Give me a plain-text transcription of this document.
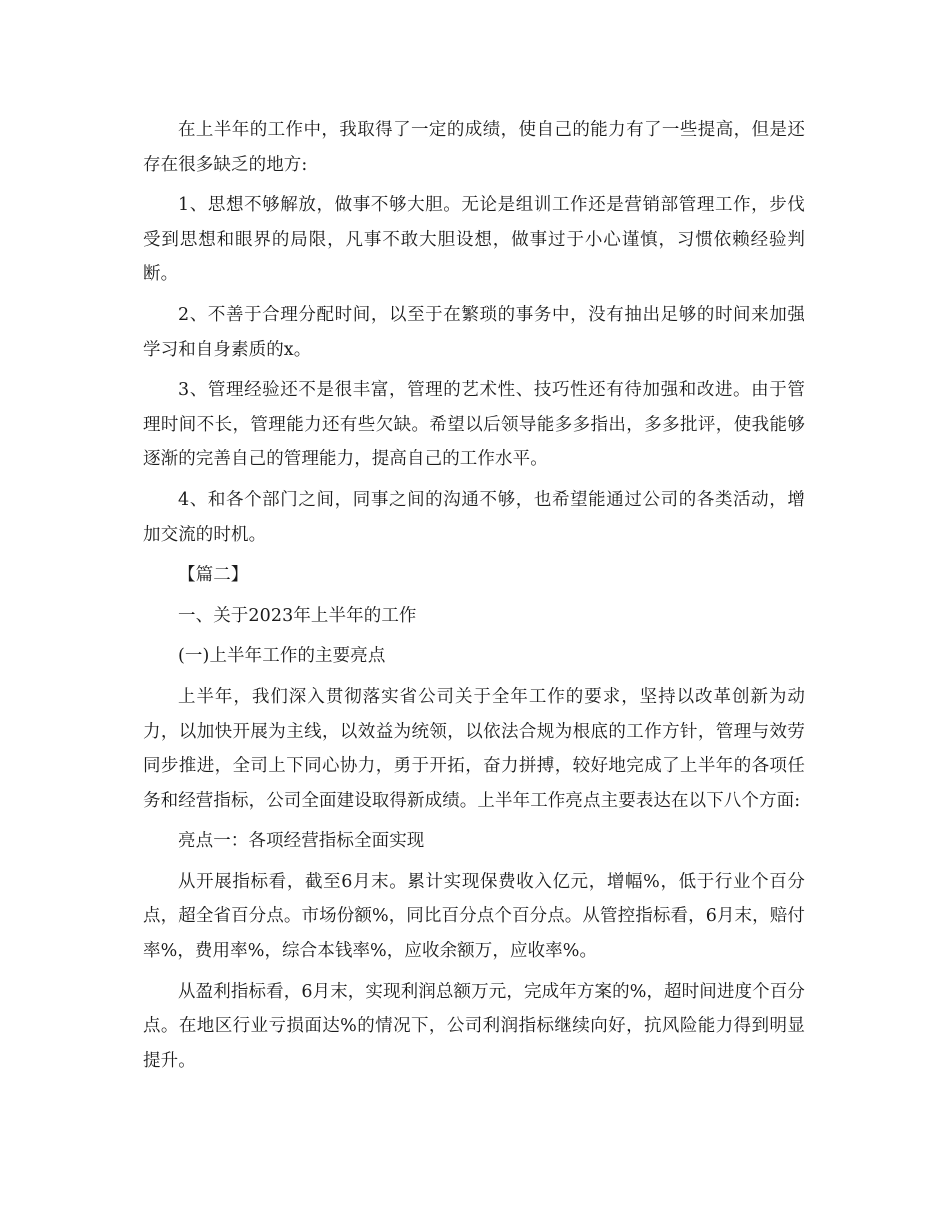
在上半年的工作中，我取得了一定的成绩，使自己的能力有了一些提高，但是还存在很多缺乏的地方:

1、思想不够解放，做事不够大胆。无论是组训工作还是营销部管理工作，步伐受到思想和眼界的局限，凡事不敢大胆设想，做事过于小心谨慎，习惯依赖经验判断。

2、不善于合理分配时间，以至于在繁琐的事务中，没有抽出足够的时间来加强学习和自身素质的x。

3、管理经验还不是很丰富，管理的艺术性、技巧性还有待加强和改进。由于管理时间不长，管理能力还有些欠缺。希望以后领导能多多指出，多多批评，使我能够逐渐的完善自己的管理能力，提高自己的工作水平。

4、和各个部门之间，同事之间的沟通不够，也希望能通过公司的各类活动，增加交流的时机。

【篇二】

一、关于2023年上半年的工作

(一)上半年工作的主要亮点

上半年，我们深入贯彻落实省公司关于全年工作的要求，坚持以改革创新为动力，以加快开展为主线，以效益为统领，以依法合规为根底的工作方针，管理与效劳同步推进，全司上下同心协力，勇于开拓，奋力拼搏，较好地完成了上半年的各项任务和经营指标，公司全面建设取得新成绩。上半年工作亮点主要表达在以下八个方面:

亮点一：各项经营指标全面实现

从开展指标看，截至6月末。累计实现保费收入亿元，增幅%，低于行业个百分点，超全省百分点。市场份额%，同比百分点个百分点。从管控指标看，6月末，赔付率%，费用率%，综合本钱率%，应收余额万，应收率%。

从盈利指标看，6月末，实现利润总额万元，完成年方案的%，超时间进度个百分点。在地区行业亏损面达%的情况下，公司利润指标继续向好，抗风险能力得到明显提升。
